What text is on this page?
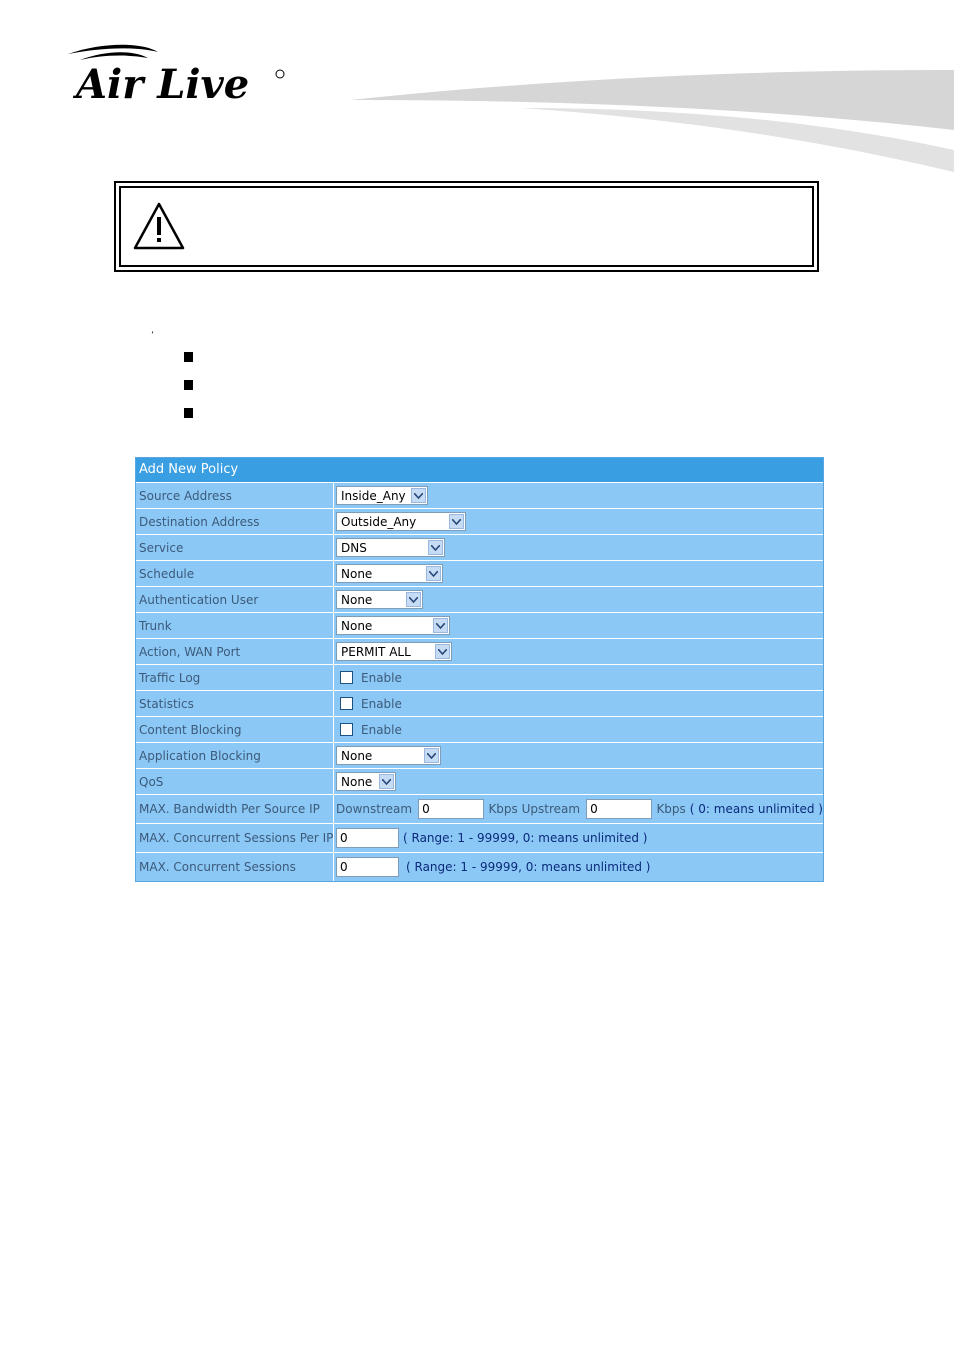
Air Live
’
Add New Policy
Source Address	Inside_Any
Destination Address	Outside_Any
Service	DNS
Schedule	None
Authentication User	None
Trunk	None
Action, WAN Port	PERMIT ALL
Traffic Log	Enable
Statistics	Enable
Content Blocking	Enable
Application Blocking	None
QoS	None
MAX. Bandwidth Per Source IP	Downstream 0	Kbps Upstream 0	Kbps ( 0: means unlimited )
MAX. Concurrent Sessions Per IP 0	( Range: 1 - 99999, 0: means unlimited )
MAX. Concurrent Sessions	0	( Range: 1 - 99999, 0: means unlimited )
